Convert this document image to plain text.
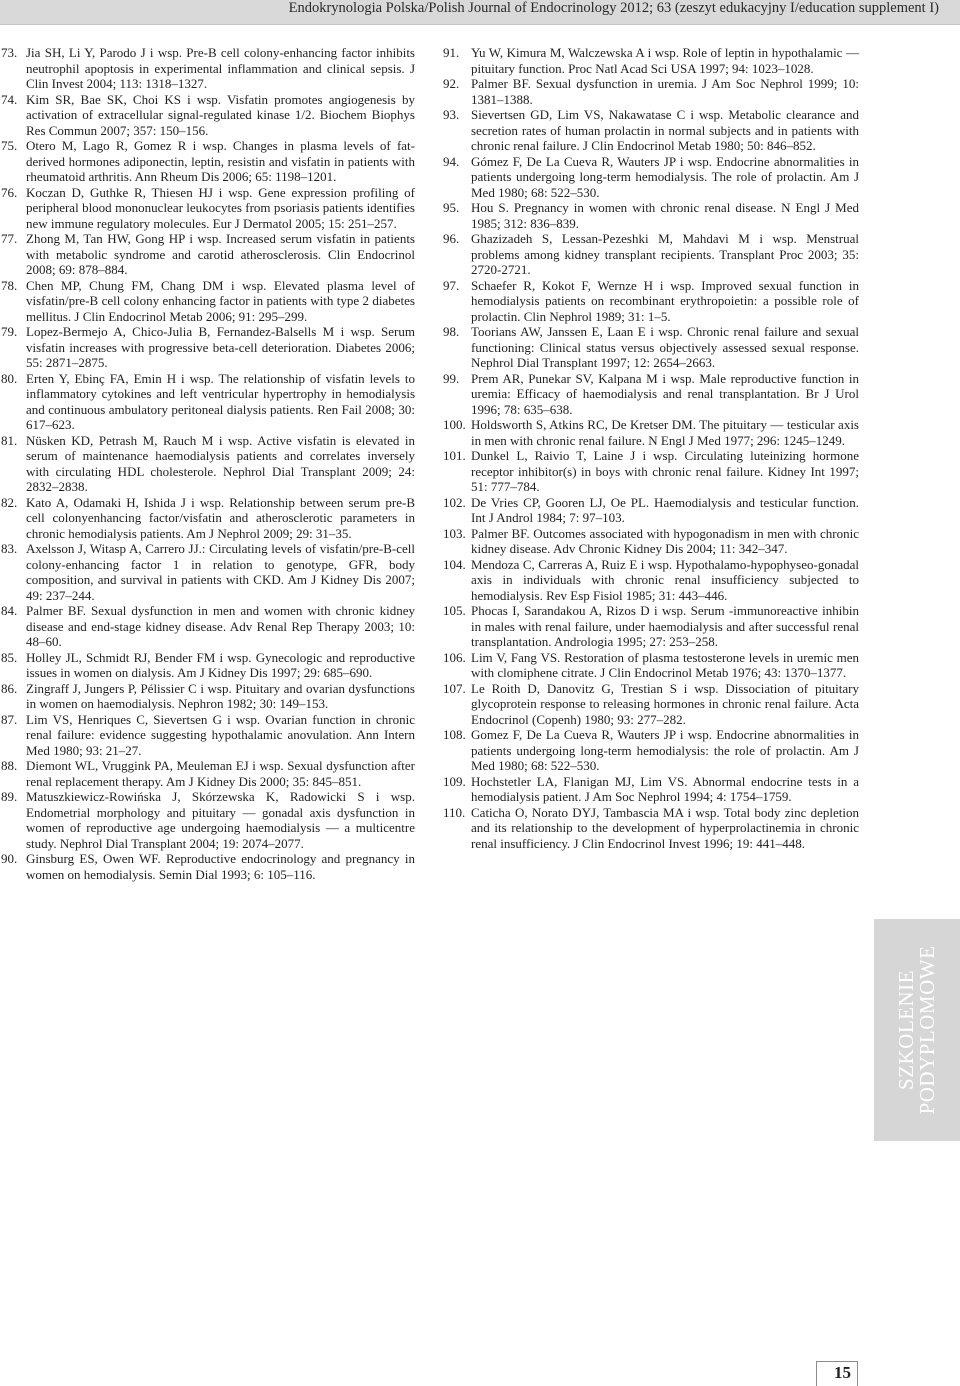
Endokrynologia Polska/Polish Journal of Endocrinology 2012; 63 (zeszyt edukacyjny I/education supplement I)
73. Jia SH, Li Y, Parodo J i wsp. Pre-B cell colony-enhancing factor inhibits neutrophil apoptosis in experimental inflammation and clinical sepsis. J Clin Invest 2004; 113: 1318–1327.
74. Kim SR, Bae SK, Choi KS i wsp. Visfatin promotes angiogenesis by activation of extracellular signal-regulated kinase 1/2. Biochem Biophys Res Commun 2007; 357: 150–156.
75. Otero M, Lago R, Gomez R i wsp. Changes in plasma levels of fat-derived hormones adiponectin, leptin, resistin and visfatin in patients with rheumatoid arthritis. Ann Rheum Dis 2006; 65: 1198–1201.
76. Koczan D, Guthke R, Thiesen HJ i wsp. Gene expression profiling of peripheral blood mononuclear leukocytes from psoriasis patients identifies new immune regulatory molecules. Eur J Dermatol 2005; 15: 251–257.
77. Zhong M, Tan HW, Gong HP i wsp. Increased serum visfatin in patients with metabolic syndrome and carotid atherosclerosis. Clin Endocrinol 2008; 69: 878–884.
78. Chen MP, Chung FM, Chang DM i wsp. Elevated plasma level of visfatin/pre-B cell colony enhancing factor in patients with type 2 diabetes mellitus. J Clin Endocrinol Metab 2006; 91: 295–299.
79. Lopez-Bermejo A, Chico-Julia B, Fernandez-Balsells M i wsp. Serum visfatin increases with progressive beta-cell deterioration. Diabetes 2006; 55: 2871–2875.
80. Erten Y, Ebinç FA, Emin H i wsp. The relationship of visfatin levels to inflammatory cytokines and left ventricular hypertrophy in hemodialysis and continuous ambulatory peritoneal dialysis patients. Ren Fail 2008; 30: 617–623.
81. Nüsken KD, Petrash M, Rauch M i wsp. Active visfatin is elevated in serum of maintenance haemodialysis patients and correlates inversely with circulating HDL cholesterole. Nephrol Dial Transplant 2009; 24: 2832–2838.
82. Kato A, Odamaki H, Ishida J i wsp. Relationship between serum pre-B cell colonyenhancing factor/visfatin and atherosclerotic parameters in chronic hemodialysis patients. Am J Nephrol 2009; 29: 31–35.
83. Axelsson J, Witasp A, Carrero JJ.: Circulating levels of visfatin/pre-B-cell colony-enhancing factor 1 in relation to genotype, GFR, body composition, and survival in patients with CKD. Am J Kidney Dis 2007; 49: 237–244.
84. Palmer BF. Sexual dysfunction in men and women with chronic kidney disease and end-stage kidney disease. Adv Renal Rep Therapy 2003; 10: 48–60.
85. Holley JL, Schmidt RJ, Bender FM i wsp. Gynecologic and reproductive issues in women on dialysis. Am J Kidney Dis 1997; 29: 685–690.
86. Zingraff J, Jungers P, Pélissier C i wsp. Pituitary and ovarian dysfunctions in women on haemodialysis. Nephron 1982; 30: 149–153.
87. Lim VS, Henriques C, Sievertsen G i wsp. Ovarian function in chronic renal failure: evidence suggesting hypothalamic anovulation. Ann Intern Med 1980; 93: 21–27.
88. Diemont WL, Vruggink PA, Meuleman EJ i wsp. Sexual dysfunction after renal replacement therapy. Am J Kidney Dis 2000; 35: 845–851.
89. Matuszkiewicz-Rowińska J, Skórzewska K, Radowicki S i wsp. Endometrial morphology and pituitary — gonadal axis dysfunction in women of reproductive age undergoing haemodialysis — a multicentre study. Nephrol Dial Transplant 2004; 19: 2074–2077.
90. Ginsburg ES, Owen WF. Reproductive endocrinology and pregnancy in women on hemodialysis. Semin Dial 1993; 6: 105–116.
91. Yu W, Kimura M, Walczewska A i wsp. Role of leptin in hypothalamic — pituitary function. Proc Natl Acad Sci USA 1997; 94: 1023–1028.
92. Palmer BF. Sexual dysfunction in uremia. J Am Soc Nephrol 1999; 10: 1381–1388.
93. Sievertsen GD, Lim VS, Nakawatase C i wsp. Metabolic clearance and secretion rates of human prolactin in normal subjects and in patients with chronic renal failure. J Clin Endocrinol Metab 1980; 50: 846–852.
94. Gómez F, De La Cueva R, Wauters JP i wsp. Endocrine abnormalities in patients undergoing long-term hemodialysis. The role of prolactin. Am J Med 1980; 68: 522–530.
95. Hou S. Pregnancy in women with chronic renal disease. N Engl J Med 1985; 312: 836–839.
96. Ghazizadeh S, Lessan-Pezeshki M, Mahdavi M i wsp. Menstrual problems among kidney transplant recipients. Transplant Proc 2003; 35: 2720-2721.
97. Schaefer R, Kokot F, Wernze H i wsp. Improved sexual function in hemodialysis patients on recombinant erythropoietin: a possible role of prolactin. Clin Nephrol 1989; 31: 1–5.
98. Toorians AW, Janssen E, Laan E i wsp. Chronic renal failure and sexual functioning: Clinical status versus objectively assessed sexual response. Nephrol Dial Transplant 1997; 12: 2654–2663.
99. Prem AR, Punekar SV, Kalpana M i wsp. Male reproductive function in uremia: Efficacy of haemodialysis and renal transplantation. Br J Urol 1996; 78: 635–638.
100. Holdsworth S, Atkins RC, De Kretser DM. The pituitary — testicular axis in men with chronic renal failure. N Engl J Med 1977; 296: 1245–1249.
101. Dunkel L, Raivio T, Laine J i wsp. Circulating luteinizing hormone receptor inhibitor(s) in boys with chronic renal failure. Kidney Int 1997; 51: 777–784.
102. De Vries CP, Gooren LJ, Oe PL. Haemodialysis and testicular function. Int J Androl 1984; 7: 97–103.
103. Palmer BF. Outcomes associated with hypogonadism in men with chronic kidney disease. Adv Chronic Kidney Dis 2004; 11: 342–347.
104. Mendoza C, Carreras A, Ruiz E i wsp. Hypothalamo-hypophyseo-gonadal axis in individuals with chronic renal insufficiency subjected to hemodialysis. Rev Esp Fisiol 1985; 31: 443–446.
105. Phocas I, Sarandakou A, Rizos D i wsp. Serum -immunoreactive inhibin in males with renal failure, under haemodialysis and after successful renal transplantation. Andrologia 1995; 27: 253–258.
106. Lim V, Fang VS. Restoration of plasma testosterone levels in uremic men with clomiphene citrate. J Clin Endocrinol Metab 1976; 43: 1370–1377.
107. Le Roith D, Danovitz G, Trestian S i wsp. Dissociation of pituitary glycoprotein response to releasing hormones in chronic renal failure. Acta Endocrinol (Copenh) 1980; 93: 277–282.
108. Gomez F, De La Cueva R, Wauters JP i wsp. Endocrine abnormalities in patients undergoing long-term hemodialysis: the role of prolactin. Am J Med 1980; 68: 522–530.
109. Hochstetler LA, Flanigan MJ, Lim VS. Abnormal endocrine tests in a hemodialysis patient. J Am Soc Nephrol 1994; 4: 1754–1759.
110. Caticha O, Norato DYJ, Tambascia MA i wsp. Total body zinc depletion and its relationship to the development of hyperprolactinemia in chronic renal insufficiency. J Clin Endocrinol Invest 1996; 19: 441–448.
SZKOLENIE
PODYPLOMOWE
15
